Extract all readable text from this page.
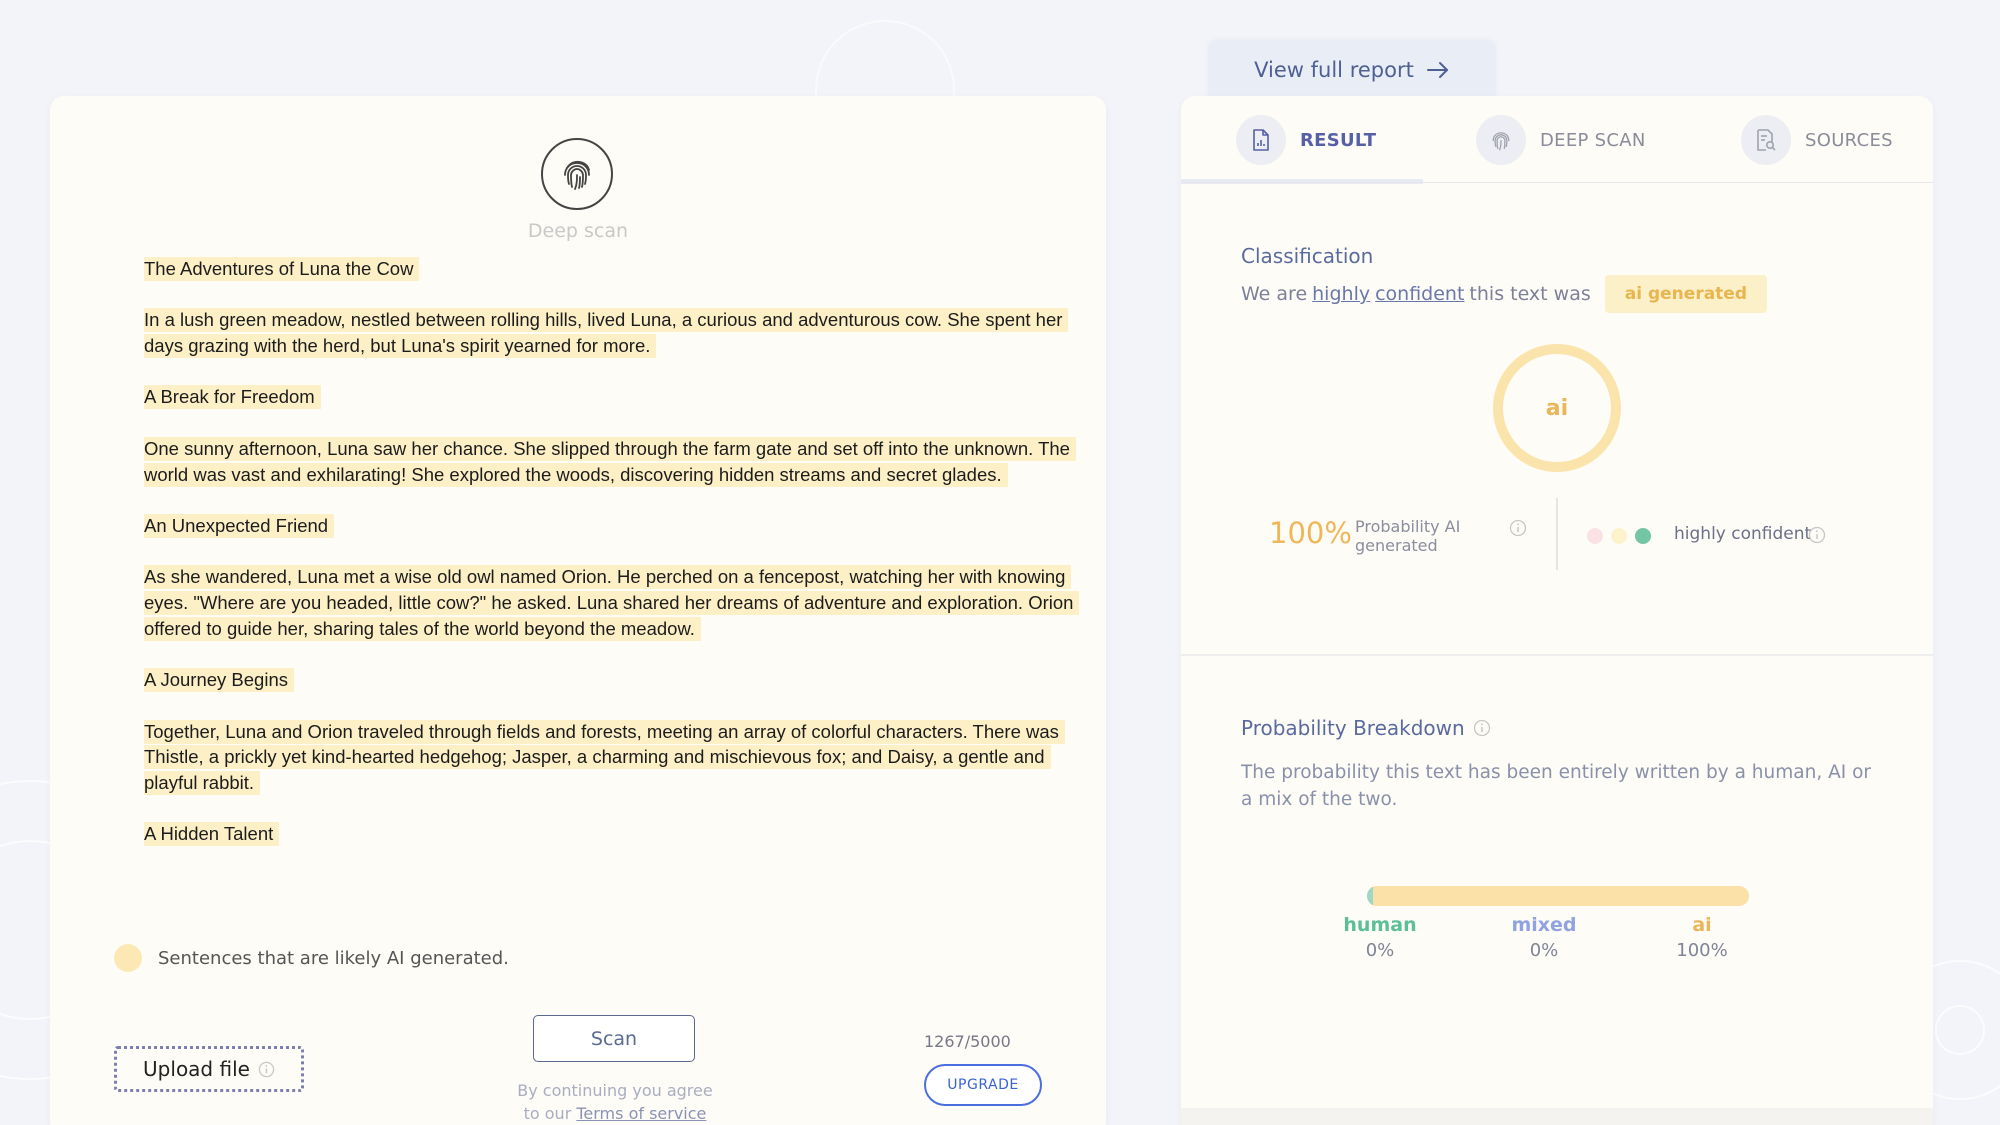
Deep scan

The Adventures of Luna the Cow

In a lush green meadow, nestled between rolling hills, lived Luna, a curious and adventurous cow. She spent her days grazing with the herd, but Luna's spirit yearned for more.

A Break for Freedom

One sunny afternoon, Luna saw her chance. She slipped through the farm gate and set off into the unknown. The world was vast and exhilarating! She explored the woods, discovering hidden streams and secret glades.

An Unexpected Friend

As she wandered, Luna met a wise old owl named Orion. He perched on a fencepost, watching her with knowing eyes. "Where are you headed, little cow?" he asked. Luna shared her dreams of adventure and exploration. Orion offered to guide her, sharing tales of the world beyond the meadow.

A Journey Begins

Together, Luna and Orion traveled through fields and forests, meeting an array of colorful characters. There was Thistle, a prickly yet kind-hearted hedgehog; Jasper, a charming and mischievous fox; and Daisy, a gentle and playful rabbit.

A Hidden Talent

Sentences that are likely AI generated.
Upload file
Scan
By continuing you agree
to our Terms of service
1267/5000
UPGRADE
View full report
RESULT	DEEP SCAN	SOURCES
Classification
We are highly confident this text was	ai generated
ai
100% Probability AI generated
highly confident
Probability Breakdown
The probability this text has been entirely written by a human, AI or a mix of the two.
human
0%
mixed
0%
ai
100%
